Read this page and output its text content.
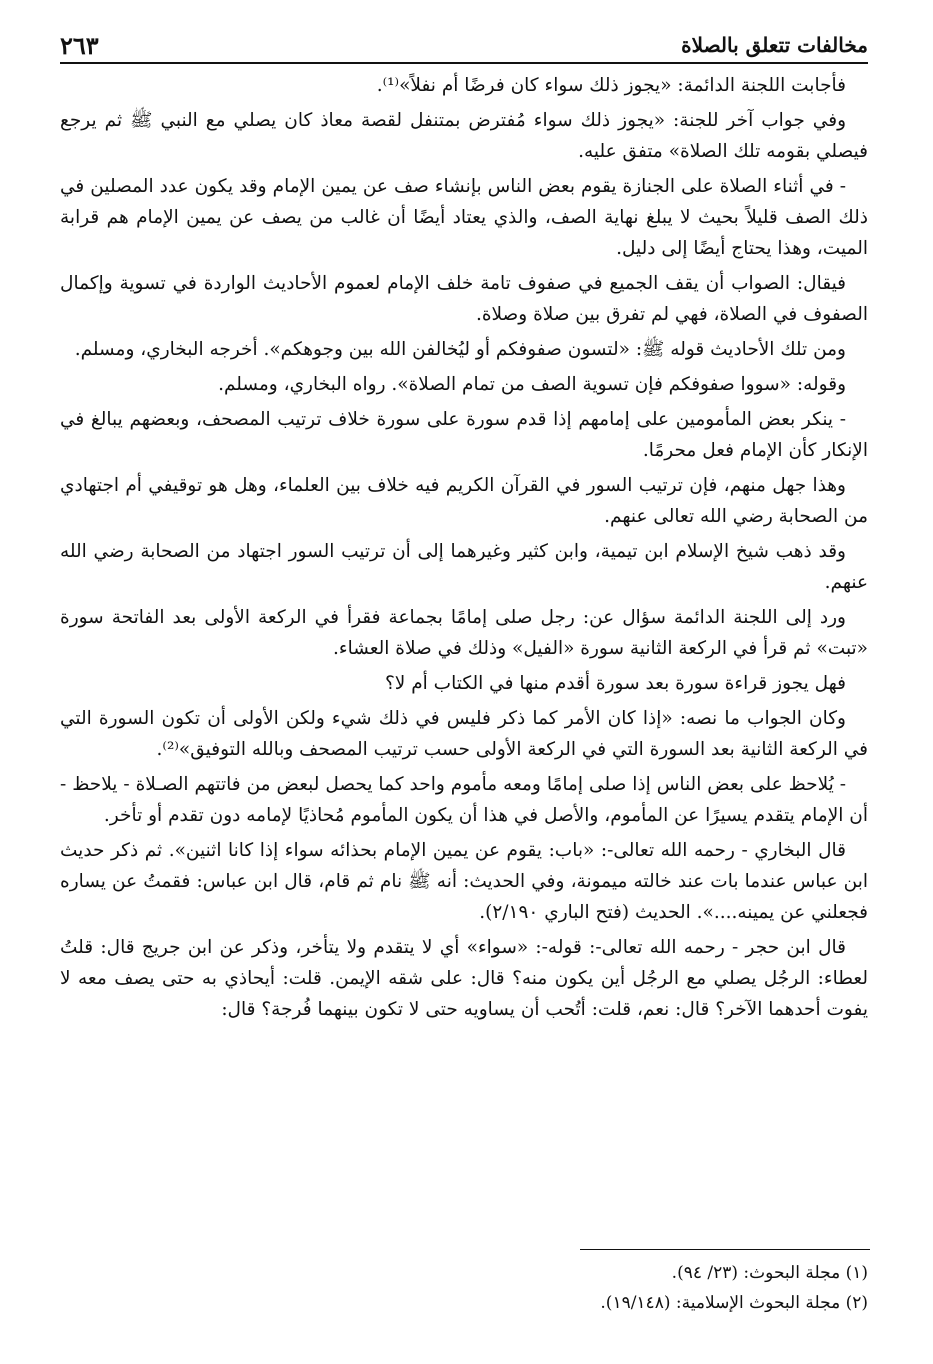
مخالفات تتعلق بالصلاة
٢٦٣

فأجابت اللجنة الدائمة: «يجوز ذلك سواء كان فرضًا أم نفلاً»⁽¹⁾.

وفي جواب آخر للجنة: «يجوز ذلك سواء مُفترض بمتنفل لقصة معاذ كان يصلي مع النبي ﷺ ثم يرجع فيصلي بقومه تلك الصلاة» متفق عليه.

- في أثناء الصلاة على الجنازة يقوم بعض الناس بإنشاء صف عن يمين الإمام وقد يكون عدد المصلين في ذلك الصف قليلاً بحيث لا يبلغ نهاية الصف، والذي يعتاد أيضًا أن غالب من يصف عن يمين الإمام هم قرابة الميت، وهذا يحتاج أيضًا إلى دليل.

فيقال: الصواب أن يقف الجميع في صفوف تامة خلف الإمام لعموم الأحاديث الواردة في تسوية وإكمال الصفوف في الصلاة، فهي لم تفرق بين صلاة وصلاة.

ومن تلك الأحاديث قوله ﷺ: «لتسون صفوفكم أو ليُخالفن الله بين وجوهكم». أخرجه البخاري، ومسلم.

وقوله: «سووا صفوفكم فإن تسوية الصف من تمام الصلاة». رواه البخاري، ومسلم.

- ينكر بعض المأمومين على إمامهم إذا قدم سورة على سورة خلاف ترتيب المصحف، وبعضهم يبالغ في الإنكار كأن الإمام فعل محرمًا.

وهذا جهل منهم، فإن ترتيب السور في القرآن الكريم فيه خلاف بين العلماء، وهل هو توقيفي أم اجتهادي من الصحابة رضي الله تعالى عنهم.

وقد ذهب شيخ الإسلام ابن تيمية، وابن كثير وغيرهما إلى أن ترتيب السور اجتهاد من الصحابة رضي الله عنهم.

ورد إلى اللجنة الدائمة سؤال عن: رجل صلى إمامًا بجماعة فقرأ في الركعة الأولى بعد الفاتحة سورة «تبت» ثم قرأ في الركعة الثانية سورة «الفيل» وذلك في صلاة العشاء.

فهل يجوز قراءة سورة بعد سورة أقدم منها في الكتاب أم لا؟

وكان الجواب ما نصه: «إذا كان الأمر كما ذكر فليس في ذلك شيء ولكن الأولى أن تكون السورة التي في الركعة الثانية بعد السورة التي في الركعة الأولى حسب ترتيب المصحف وبالله التوفيق»⁽²⁾.

- يُلاحظ على بعض الناس إذا صلى إمامًا ومعه مأموم واحد كما يحصل لبعض من فاتتهم الصـلاة - يلاحظ - أن الإمام يتقدم يسيرًا عن المأموم، والأصل في هذا أن يكون المأموم مُحاذيًا لإمامه دون تقدم أو تأخر.

قال البخاري - رحمه الله تعالى-: «باب: يقوم عن يمين الإمام بحذائه سواء إذا كانا اثنين». ثم ذكر حديث ابن عباس عندما بات عند خالته ميمونة، وفي الحديث: أنه ﷺ نام ثم قام، قال ابن عباس: فقمتُ عن يساره فجعلني عن يمينه....». الحديث (فتح الباري ٢/١٩٠).

قال ابن حجر - رحمه الله تعالى-: قوله-: «سواء» أي لا يتقدم ولا يتأخر، وذكر عن ابن جريج قال: قلتُ لعطاء: الرجُل يصلي مع الرجُل أين يكون منه؟ قال: على شقه الإيمن. قلت: أيحاذي به حتى يصف معه لا يفوت أحدهما الآخر؟ قال: نعم، قلت: أتُحب أن يساويه حتى لا تكون بينهما فُرجة؟ قال:

(١) مجلة البحوث: (٢٣/ ٩٤).

(٢) مجلة البحوث الإسلامية: (١٩/١٤٨).
